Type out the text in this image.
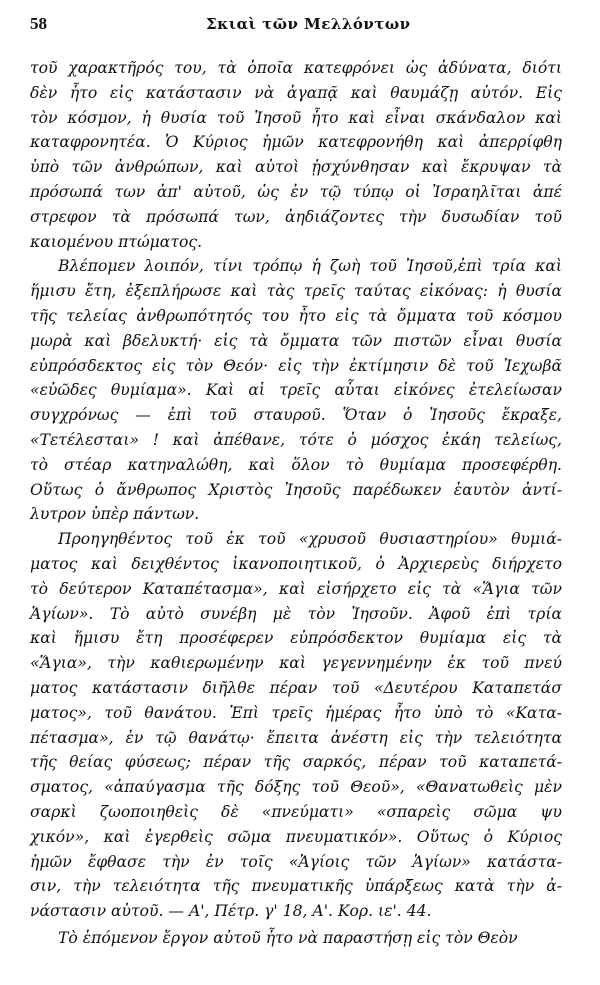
58	Σκιαὶ τῶν Μελλόντων
τοῦ χαρακτῆρός του, τὰ ὁποῖα κατεφρόνει ὡς ἀδύνατα, διότι
δὲν ἦτο εἰς κατάστασιν νὰ ἀγαπᾷ καὶ θαυμάζῃ αὐτόν. Εἰς
τὸν κόσμον, ἡ θυσία τοῦ Ἰησοῦ ἦτο καὶ εἶναι σκάνδαλον καὶ
καταφρονητέα. Ὁ Κύριος ἡμῶν κατεφρονήθη καὶ ἀπερρίφθη
ὑπὸ τῶν ἀνθρώπων, καὶ αὐτοὶ ᾐσχύνθησαν καὶ ἔκρυψαν τὰ
πρόσωπά των ἀπ' αὐτοῦ, ὡς ἐν τῷ τύπῳ οἱ Ἰσραηλῖται ἀπέ
στρεφον τὰ πρόσωπά των, ἀηδιάζοντες τὴν δυσωδίαν τοῦ
καιομένου πτώματος.
Βλέπομεν λοιπόν, τίνι τρόπῳ ἡ ζωὴ τοῦ Ἰησοῦ,ἐπὶ τρία καὶ
ἥμισυ ἔτη, ἐξεπλήρωσε καὶ τὰς τρεῖς ταύτας εἰκόνας: ἡ θυσία
τῆς τελείας ἀνθρωπότητός του ἦτο εἰς τὰ ὄμματα τοῦ κόσμου
μωρὰ καὶ βδελυκτή· εἰς τὰ ὄμματα τῶν πιστῶν εἶναι θυσία
εὐπρόσδεκτος εἰς τὸν Θεόν· εἰς τὴν ἐκτίμησιν δὲ τοῦ Ἰεχωβᾶ
«εὐῶδες θυμίαμα». Καὶ αἱ τρεῖς αὗται εἰκόνες ἐτελείωσαν
συγχρόνως — ἐπὶ τοῦ σταυροῦ. Ὅταν ὁ Ἰησοῦς ἔκραξε,
«Τετέλεσται» ! καὶ ἀπέθανε, τότε ὁ μόσχος ἐκάη τελείως,
τὸ στέαρ κατηναλώθη, καὶ ὅλον τὸ θυμίαμα προσεφέρθη.
Οὕτως ὁ ἄνθρωπος Χριστὸς Ἰησοῦς παρέδωκεν ἑαυτὸν ἀντί-
λυτρον ὑπὲρ πάντων.
Προηγηθέντος τοῦ ἐκ τοῦ «χρυσοῦ θυσιαστηρίου» θυμιά-
ματος καὶ δειχθέντος ἱκανοποιητικοῦ, ὁ Ἀρχιερεὺς διήρχετο
τὸ δεύτερον Καταπέτασμα», καὶ εἰσήρχετο εἰς τὰ «Ἅγια τῶν
Ἁγίων». Τὸ αὐτὸ συνέβη μὲ τὸν Ἰησοῦν. Ἀφοῦ ἐπὶ τρία
καὶ ἥμισυ ἔτη προσέφερεν εὐπρόσδεκτον θυμίαμα εἰς τὰ
«Ἅγια», τὴν καθιερωμένην καὶ γεγεννημένην ἐκ τοῦ πνεύ
ματος κατάστασιν διῆλθε πέραν τοῦ «Δευτέρου Καταπετάσ
ματος», τοῦ θανάτου. Ἐπὶ τρεῖς ἡμέρας ἦτο ὑπὸ τὸ «Κατα-
πέτασμα», ἐν τῷ θανάτῳ· ἔπειτα ἀνέστη εἰς τὴν τελειότητα
τῆς θείας φύσεως; πέραν τῆς σαρκός, πέραν τοῦ καταπετά-
σματος, «ἀπαύγασμα τῆς δόξης τοῦ Θεοῦ», «Θανατωθεὶς μὲν
σαρκὶ ζωοποιηθεὶς δὲ «πνεύματι» «σπαρεὶς σῶμα ψυ
χικόν», καὶ ἐγερθεὶς σῶμα πνευματικόν». Οὕτως ὁ Κύριος
ἡμῶν ἔφθασε τὴν ἐν τοῖς «Ἁγίοις τῶν Ἁγίων» κατάστα-
σιν, τὴν τελειότητα τῆς πνευματικῆς ὑπάρξεως κατὰ τὴν ἀ-
νάστασιν αὐτοῦ. — Α', Πέτρ. γ' 18, Α'. Κορ. ιε'. 44.
Τὸ ἑπόμενον ἔργον αὐτοῦ ἦτο νὰ παραστήσῃ εἰς τὸν Θεὸν
